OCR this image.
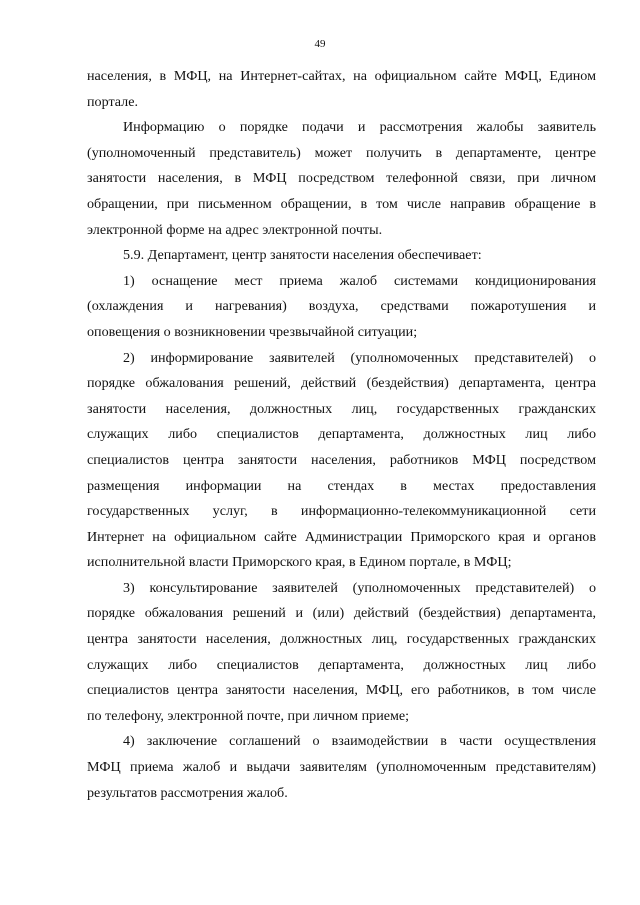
49
населения, в МФЦ, на Интернет-сайтах, на официальном сайте МФЦ, Едином
портале.
Информацию о порядке подачи и рассмотрения жалобы заявитель
(уполномоченный представитель) может получить в департаменте, центре
занятости населения, в МФЦ посредством телефонной связи, при личном
обращении, при письменном обращении, в том числе направив обращение в
электронной форме на адрес электронной почты.
5.9. Департамент, центр занятости населения обеспечивает:
1) оснащение мест приема жалоб системами кондиционирования
(охлаждения и нагревания) воздуха, средствами пожаротушения и
оповещения о возникновении чрезвычайной ситуации;
2) информирование заявителей (уполномоченных представителей) о
порядке обжалования решений, действий (бездействия) департамента, центра
занятости населения, должностных лиц, государственных гражданских
служащих либо специалистов департамента, должностных лиц либо
специалистов центра занятости населения, работников МФЦ посредством
размещения информации на стендах в местах предоставления
государственных услуг, в информационно-телекоммуникационной сети
Интернет на официальном сайте Администрации Приморского края и органов
исполнительной власти Приморского края, в Едином портале, в МФЦ;
3) консультирование заявителей (уполномоченных представителей) о
порядке обжалования решений и (или) действий (бездействия) департамента,
центра занятости населения, должностных лиц, государственных гражданских
служащих либо специалистов департамента, должностных лиц либо
специалистов центра занятости населения, МФЦ, его работников, в том числе
по телефону, электронной почте, при личном приеме;
4) заключение соглашений о взаимодействии в части осуществления
МФЦ приема жалоб и выдачи заявителям (уполномоченным представителям)
результатов рассмотрения жалоб.
